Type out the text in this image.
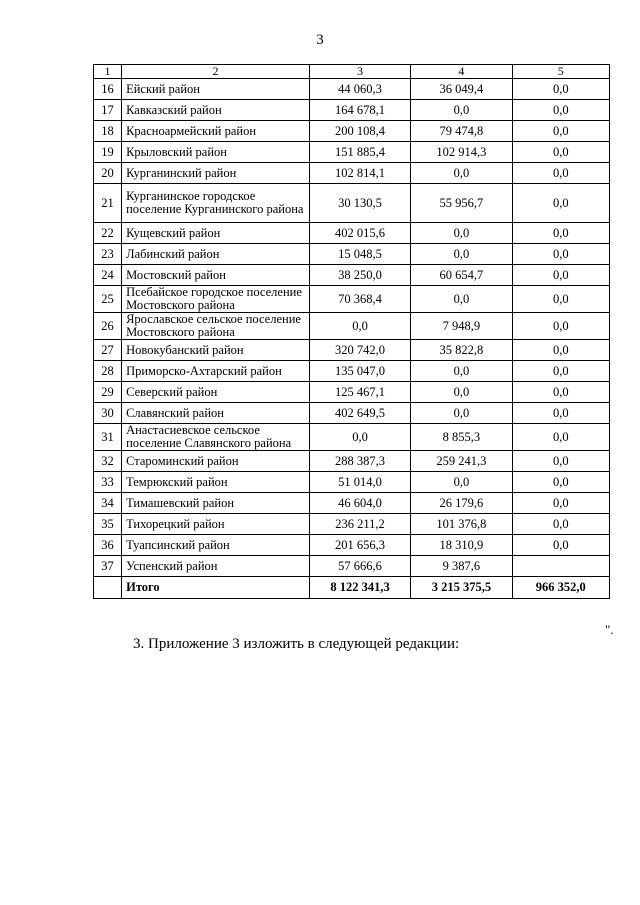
3
1	2	3	4	5
16	Ейский район	44 060,3	36 049,4	0,0
17	Кавказский район	164 678,1	0,0	0,0
18	Красноармейский район	200 108,4	79 474,8	0,0
19	Крыловский район	151 885,4	102 914,3	0,0
20	Курганинский район	102 814,1	0,0	0,0
21	Курганинское городское поселение Курганинского района	30 130,5	55 956,7	0,0
22	Кущевский район	402 015,6	0,0	0,0
23	Лабинский район	15 048,5	0,0	0,0
24	Мостовский район	38 250,0	60 654,7	0,0
25	Псебайское городское поселение Мостовского района	70 368,4	0,0	0,0
26	Ярославское сельское поселение Мостовского района	0,0	7 948,9	0,0
27	Новокубанский район	320 742,0	35 822,8	0,0
28	Приморско-Ахтарский район	135 047,0	0,0	0,0
29	Северский район	125 467,1	0,0	0,0
30	Славянский район	402 649,5	0,0	0,0
31	Анастасиевское сельское поселение Славянского района	0,0	8 855,3	0,0
32	Староминский район	288 387,3	259 241,3	0,0
33	Темрюкский район	51 014,0	0,0	0,0
34	Тимашевский район	46 604,0	26 179,6	0,0
35	Тихорецкий район	236 211,2	101 376,8	0,0
36	Туапсинский район	201 656,3	18 310,9	0,0
37	Успенский район	57 666,6	9 387,6	
	Итого	8 122 341,3	3 215 375,5	966 352,0
".
3. Приложение 3 изложить в следующей редакции:
